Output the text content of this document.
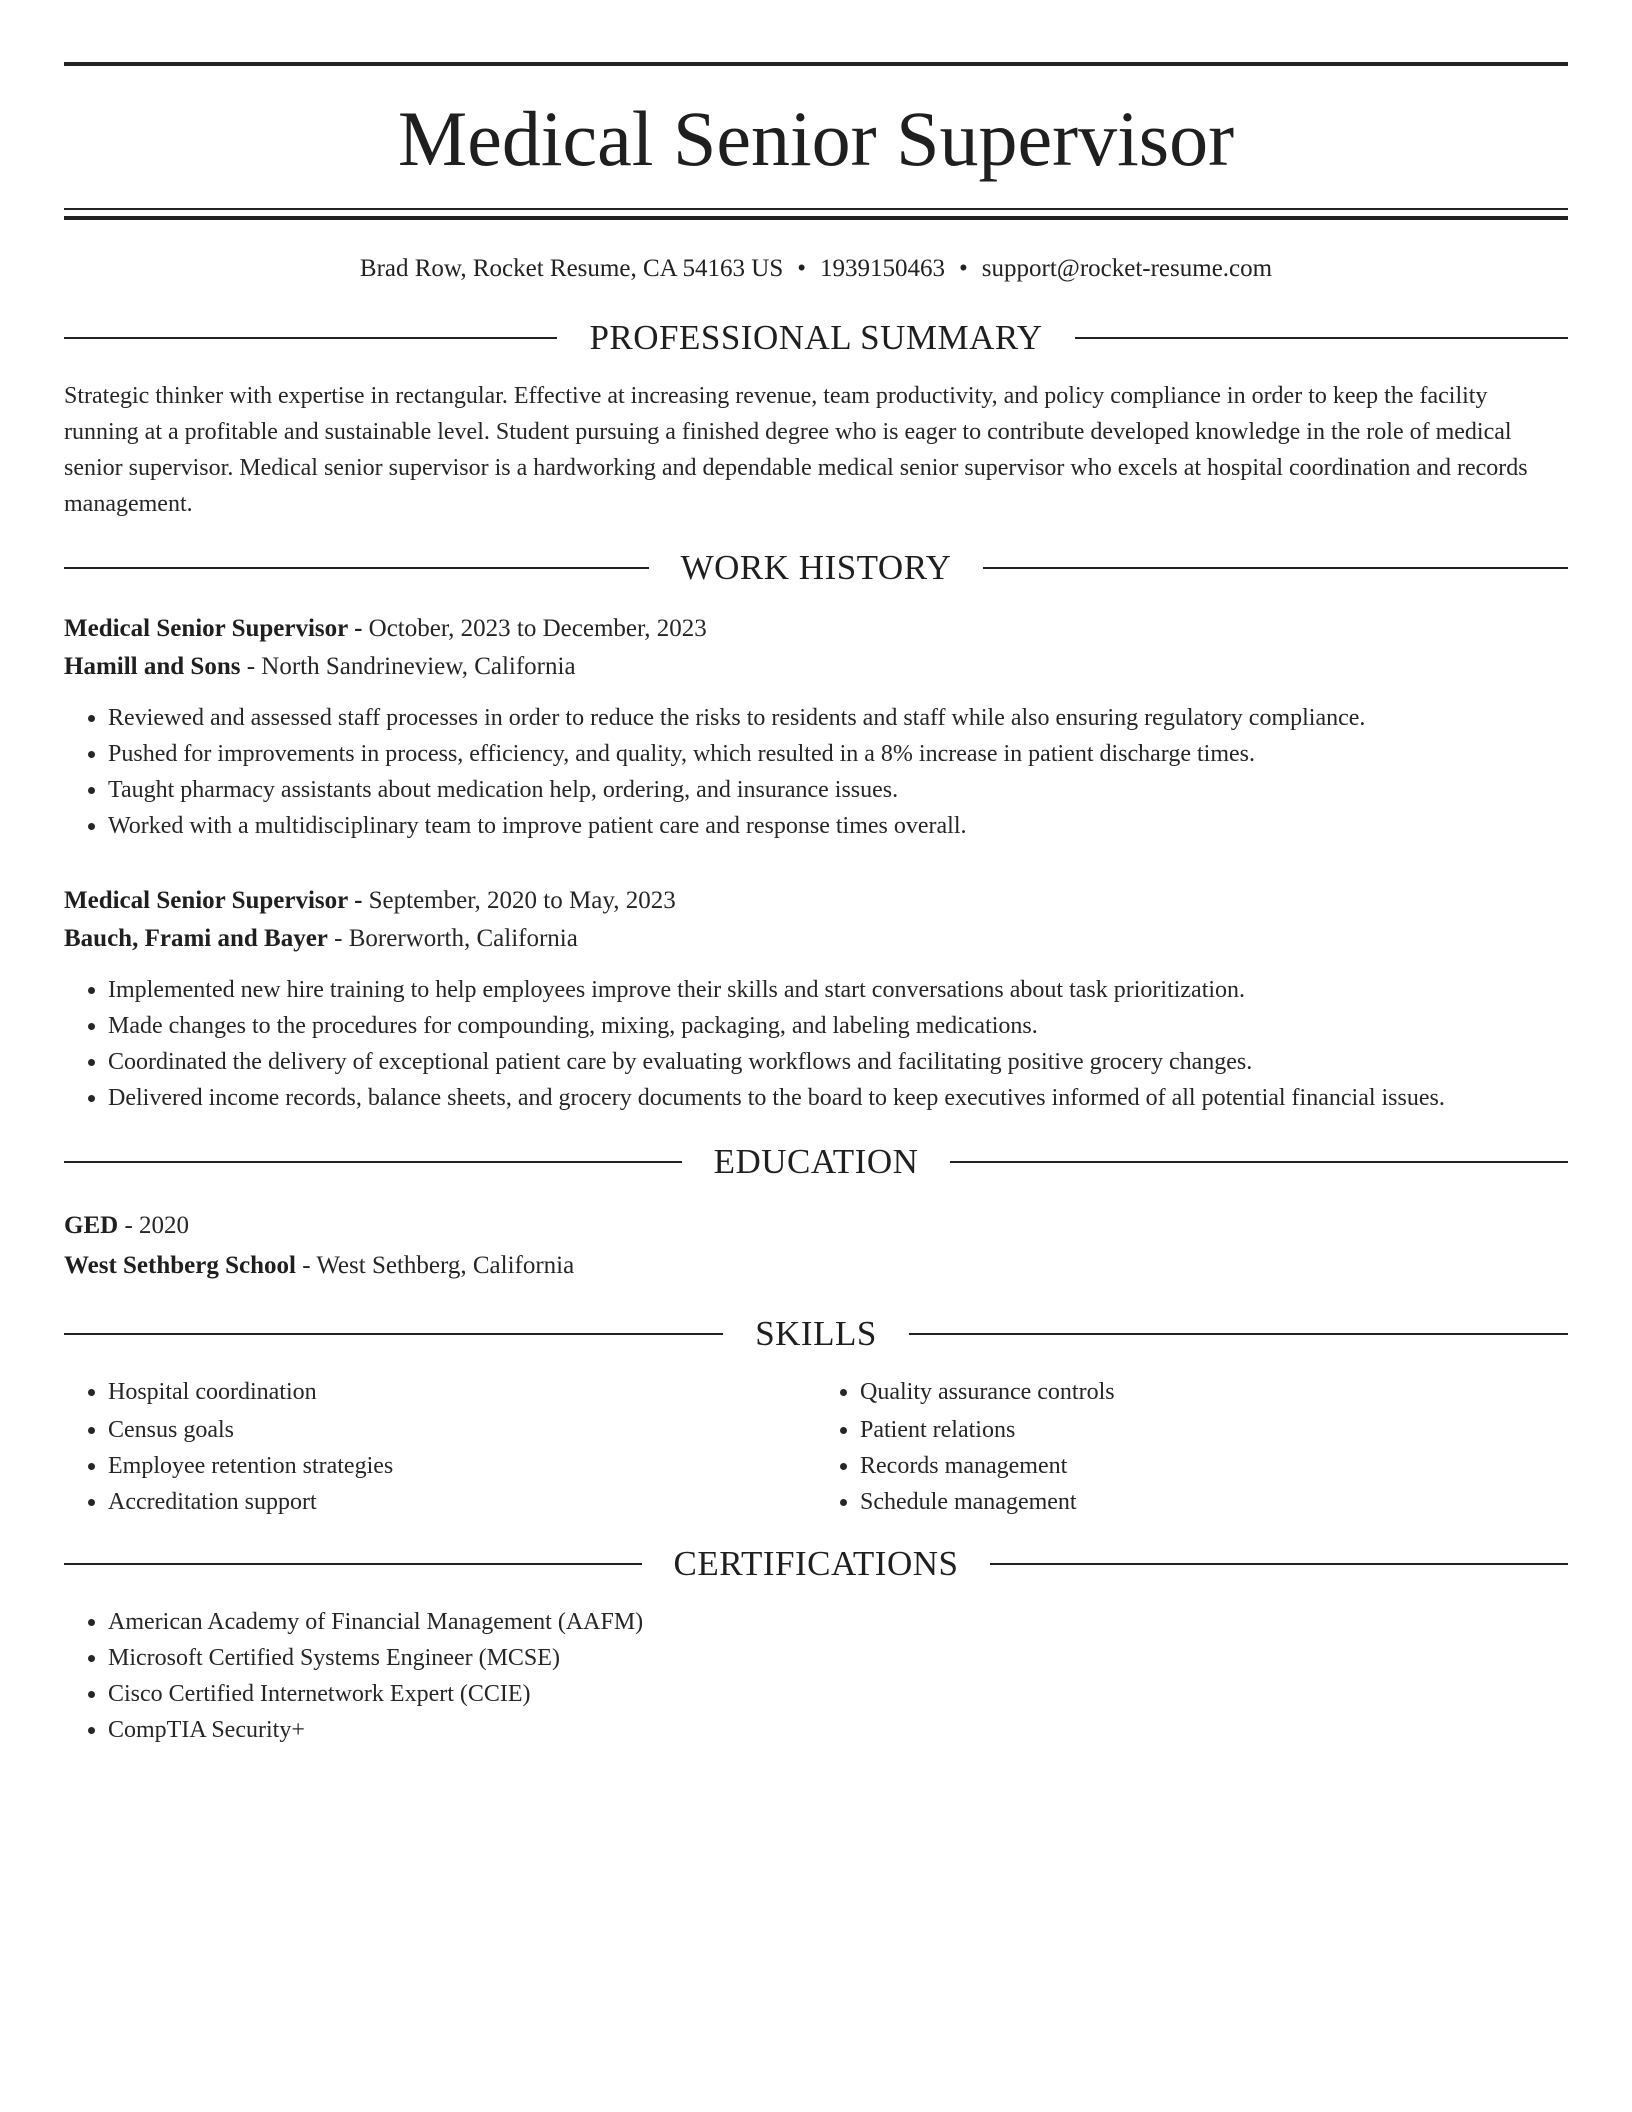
Medical Senior Supervisor
Brad Row, Rocket Resume, CA 54163 US • 1939150463 • support@rocket-resume.com
PROFESSIONAL SUMMARY
Strategic thinker with expertise in rectangular. Effective at increasing revenue, team productivity, and policy compliance in order to keep the facility running at a profitable and sustainable level. Student pursuing a finished degree who is eager to contribute developed knowledge in the role of medical senior supervisor. Medical senior supervisor is a hardworking and dependable medical senior supervisor who excels at hospital coordination and records management.
WORK HISTORY
Medical Senior Supervisor - October, 2023 to December, 2023
Hamill and Sons - North Sandrineview, California
• Reviewed and assessed staff processes in order to reduce the risks to residents and staff while also ensuring regulatory compliance.
• Pushed for improvements in process, efficiency, and quality, which resulted in a 8% increase in patient discharge times.
• Taught pharmacy assistants about medication help, ordering, and insurance issues.
• Worked with a multidisciplinary team to improve patient care and response times overall.
Medical Senior Supervisor - September, 2020 to May, 2023
Bauch, Frami and Bayer - Borerworth, California
• Implemented new hire training to help employees improve their skills and start conversations about task prioritization.
• Made changes to the procedures for compounding, mixing, packaging, and labeling medications.
• Coordinated the delivery of exceptional patient care by evaluating workflows and facilitating positive grocery changes.
• Delivered income records, balance sheets, and grocery documents to the board to keep executives informed of all potential financial issues.
EDUCATION
GED - 2020
West Sethberg School - West Sethberg, California
SKILLS
• Hospital coordination
• Census goals
• Employee retention strategies
• Accreditation support
• Quality assurance controls
• Patient relations
• Records management
• Schedule management
CERTIFICATIONS
• American Academy of Financial Management (AAFM)
• Microsoft Certified Systems Engineer (MCSE)
• Cisco Certified Internetwork Expert (CCIE)
• CompTIA Security+
